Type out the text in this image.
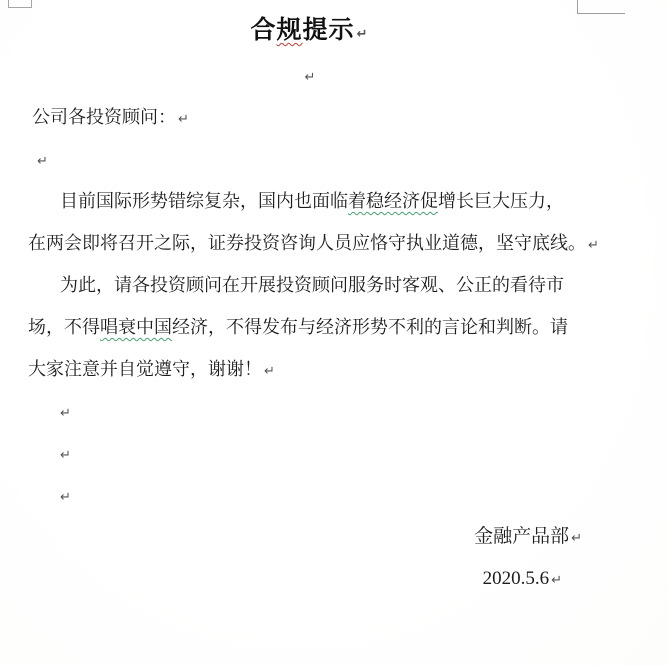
合规提示 ↵
↵
公司各投资顾问： ↵
↵
目前国际形势错综复杂，国内也面临着稳经济促增长巨大压力，
在两会即将召开之际，证券投资咨询人员应恪守执业道德，坚守底线。 ↵
为此，请各投资顾问在开展投资顾问服务时客观、公正的看待市
场，不得唱衰中国经济，不得发布与经济形势不利的言论和判断。请
大家注意并自觉遵守，谢谢！ ↵
↵
↵
↵
金融产品部 ↵
2020.5.6 ↵
